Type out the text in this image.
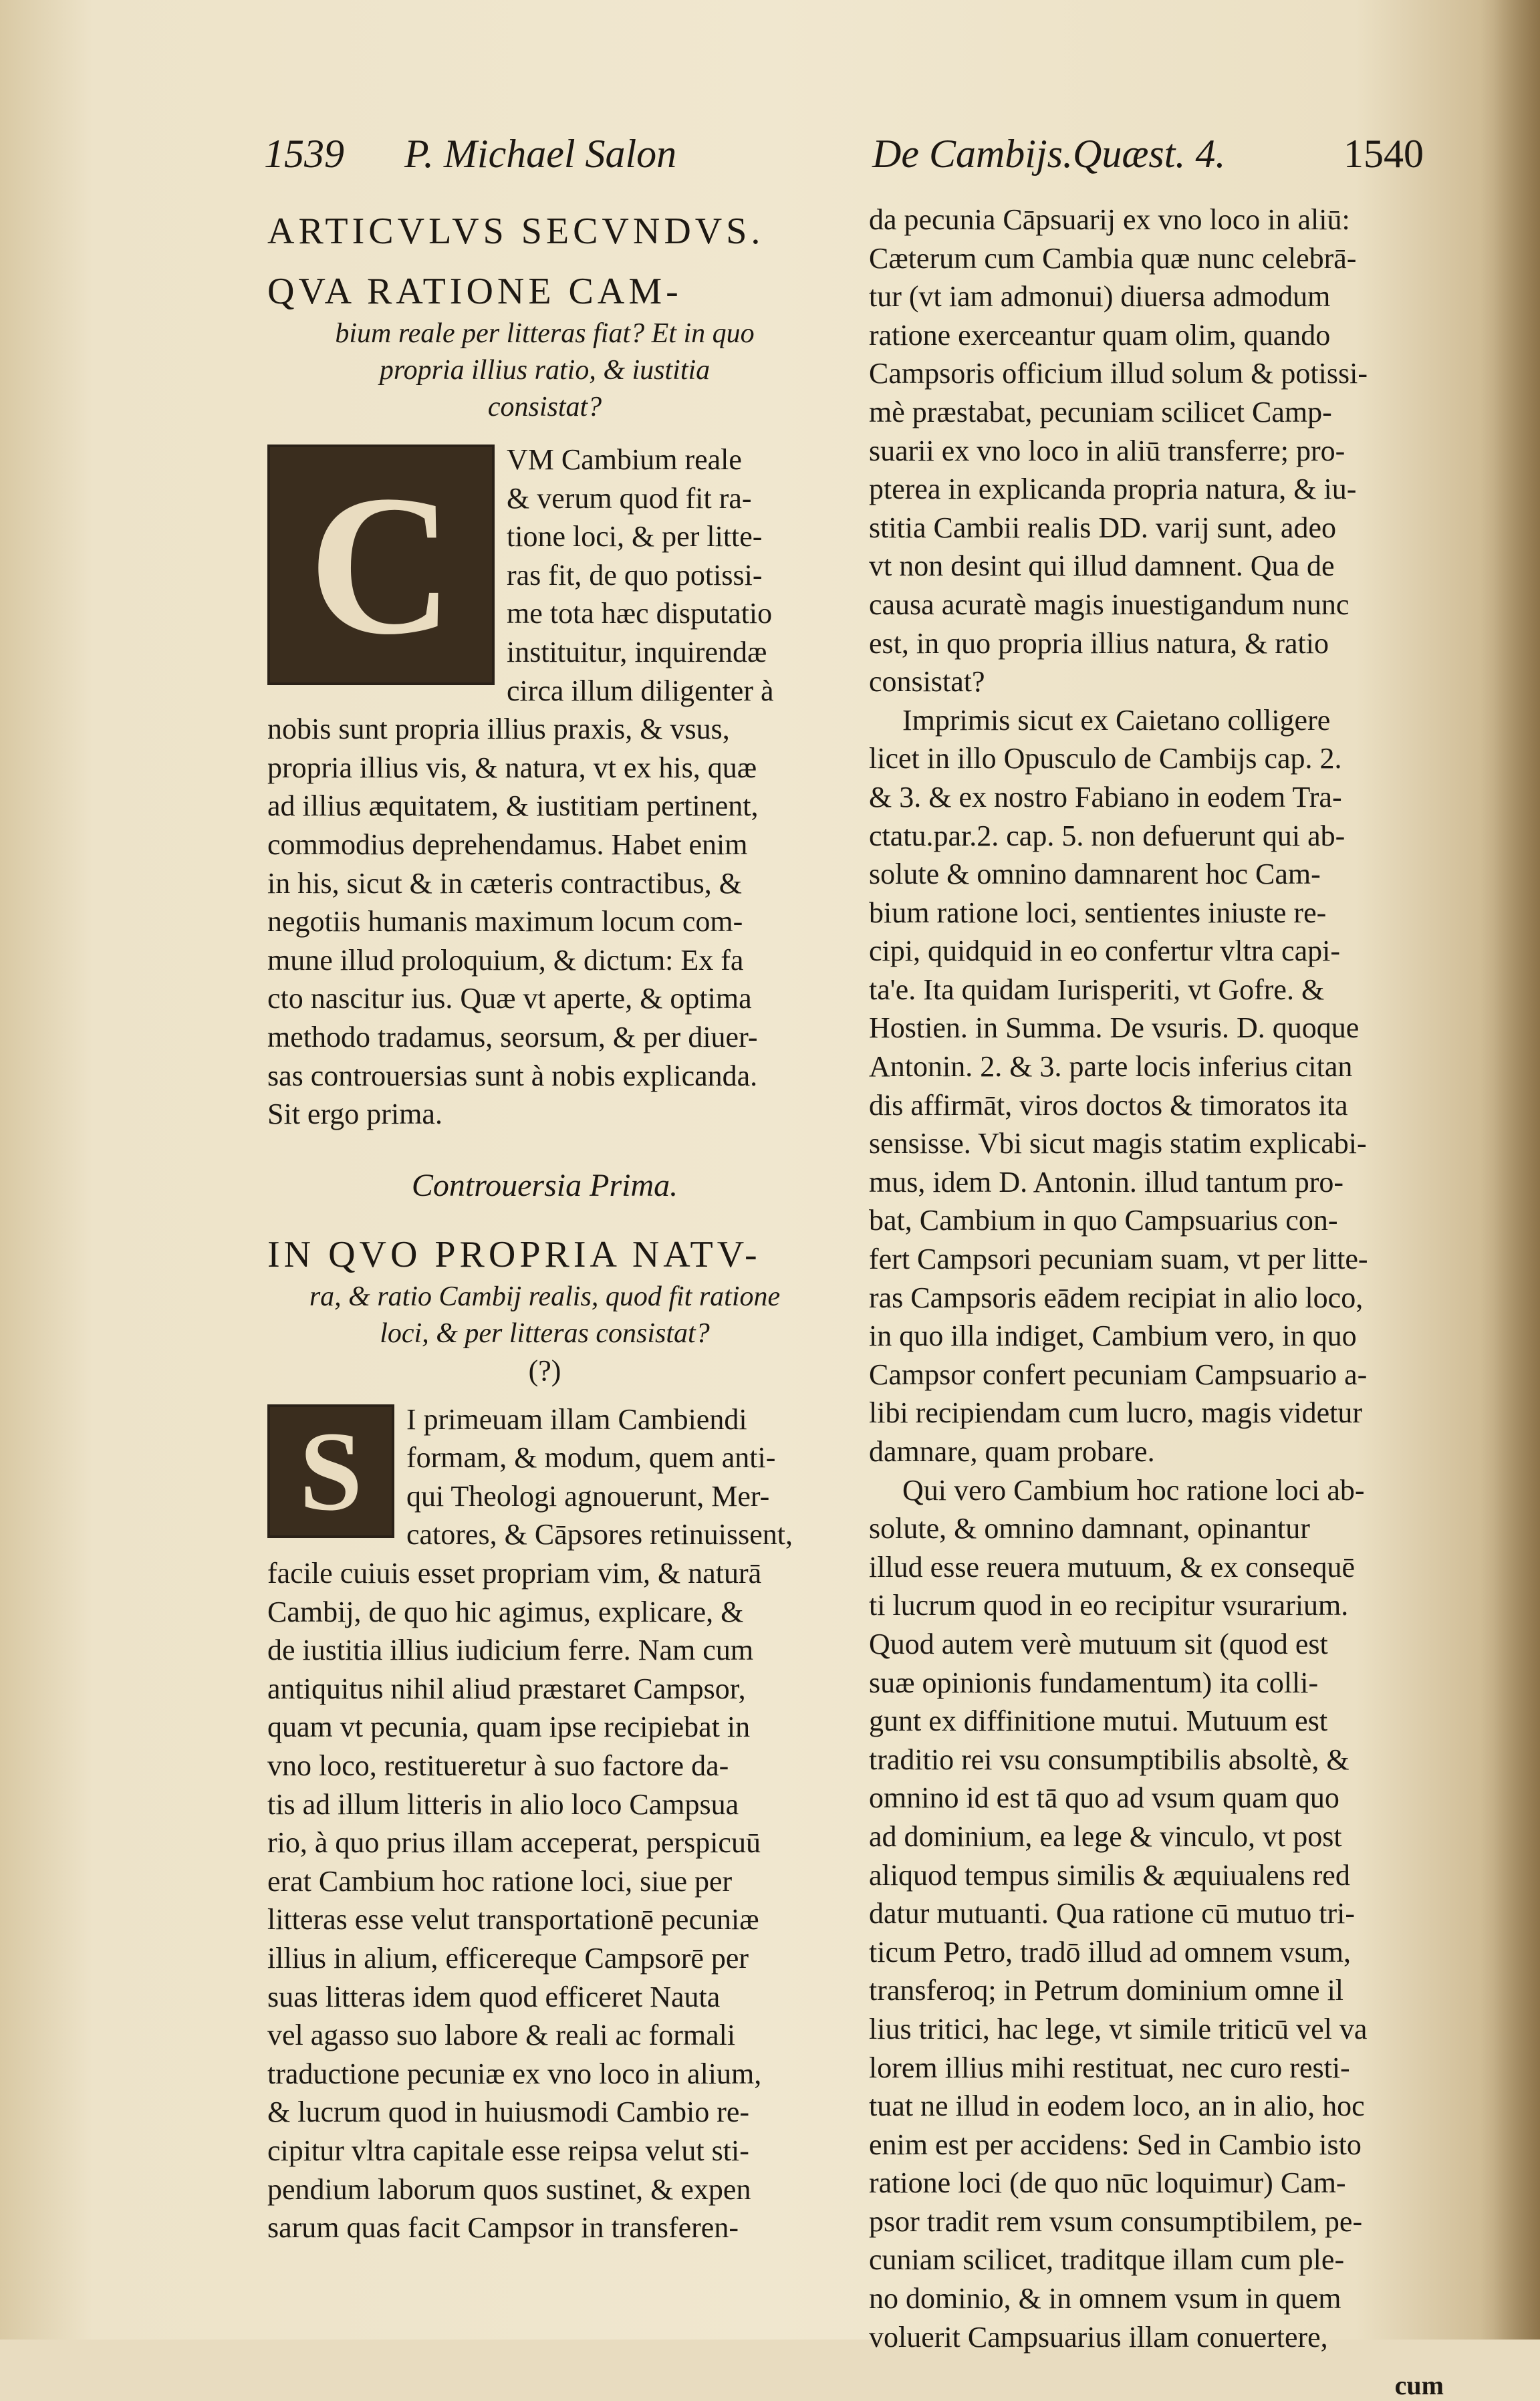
1539 P. Michael Salon	De Cambijs. Quæst. 4.	1540
ARTICVLVS SECVNDVS.
QVA RATIONE CAM-
bium reale per litteras fiat? Et in quo
propria illius ratio, & iustitia
consistat?
C	VM Cambium reale
& verum quod fit ra-
tione loci, & per litte-
ras fit, de quo potissi-
me tota hæc disputatio
instituitur, inquirendæ
circa illum diligenter à
nobis sunt propria illius praxis, & vsus,
propria illius vis, & natura, vt ex his, quæ
ad illius æquitatem, & iustitiam pertinent,
commodius deprehendamus. Habet enim
in his, sicut & in cæteris contractibus, &
negotiis humanis maximum locum com-
mune illud proloquium, & dictum: Ex fa
cto nascitur ius. Quæ vt aperte, & optima
methodo tradamus, seorsum, & per diuer-
sas controuersias sunt à nobis explicanda.
Sit ergo prima.
Controuersia Prima.
IN QVO PROPRIA NATV-
ra, & ratio Cambij realis, quod fit ratione
loci, & per litteras consistat?
(?)
S	I primeuam illam Cambiendi
formam, & modum, quem anti-
qui Theologi agnouerunt, Mer-
catores, & Cāpsores retinuissent,
facile cuiuis esset propriam vim, & naturā
Cambij, de quo hic agimus, explicare, &
de iustitia illius iudicium ferre. Nam cum
antiquitus nihil aliud præstaret Campsor,
quam vt pecunia, quam ipse recipiebat in
vno loco, restitueretur à suo factore da-
tis ad illum litteris in alio loco Campsua
rio, à quo prius illam acceperat, perspicuū
erat Cambium hoc ratione loci, siue per
litteras esse velut transportationē pecuniæ
illius in alium, efficereque Campsorē per
suas litteras idem quod efficeret Nauta
vel agasso suo labore & reali ac formali
traductione pecuniæ ex vno loco in alium,
& lucrum quod in huiusmodi Cambio re-
cipitur vltra capitale esse reipsa velut sti-
pendium laborum quos sustinet, & expen
sarum quas facit Campsor in transferen-
da pecunia Cāpsuarij ex vno loco in aliū:
Cæterum cum Cambia quæ nunc celebrā-
tur (vt iam admonui) diuersa admodum
ratione exerceantur quam olim, quando
Campsoris officium illud solum & potissi-
mè præstabat, pecuniam scilicet Camp-
suarii ex vno loco in aliū transferre; pro-
pterea in explicanda propria natura, & iu-
stitia Cambii realis DD. varij sunt, adeo
vt non desint qui illud damnent. Qua de
causa acuratè magis inuestigandum nunc
est, in quo propria illius natura, & ratio
consistat?
Imprimis sicut ex Caietano colligere
licet in illo Opusculo de Cambijs cap. 2.
& 3. & ex nostro Fabiano in eodem Tra-
ctatu.par.2. cap. 5. non defuerunt qui ab-
solute & omnino damnarent hoc Cam-
bium ratione loci, sentientes iniuste re-
cipi, quidquid in eo confertur vltra capi-
ta'e. Ita quidam Iurisperiti, vt Gofre. &
Hostien. in Summa. De vsuris. D. quoque
Antonin. 2. & 3. parte locis inferius citan
dis affirmāt, viros doctos & timoratos ita
sensisse. Vbi sicut magis statim explicabi-
mus, idem D. Antonin. illud tantum pro-
bat, Cambium in quo Campsuarius con-
fert Campsori pecuniam suam, vt per litte-
ras Campsoris eādem recipiat in alio loco,
in quo illa indiget, Cambium vero, in quo
Campsor confert pecuniam Campsuario a-
libi recipiendam cum lucro, magis videtur
damnare, quam probare.
Qui vero Cambium hoc ratione loci ab-
solute, & omnino damnant, opinantur
illud esse reuera mutuum, & ex consequē
ti lucrum quod in eo recipitur vsurarium.
Quod autem verè mutuum sit (quod est
suæ opinionis fundamentum) ita colli-
gunt ex diffinitione mutui. Mutuum est
traditio rei vsu consumptibilis absoltè, &
omnino id est tā quo ad vsum quam quo
ad dominium, ea lege & vinculo, vt post
aliquod tempus similis & æquiualens red
datur mutuanti. Qua ratione cū mutuo tri-
ticum Petro, tradō illud ad omnem vsum,
transferoq; in Petrum dominium omne il
lius tritici, hac lege, vt simile triticū vel va
lorem illius mihi restituat, nec curo resti-
tuat ne illud in eodem loco, an in alio, hoc
enim est per accidens: Sed in Cambio isto
ratione loci (de quo nūc loquimur) Cam-
psor tradit rem vsum consumptibilem, pe-
cuniam scilicet, traditque illam cum ple-
no dominio, & in omnem vsum in quem
voluerit Campsuarius illam conuertere,
cum
